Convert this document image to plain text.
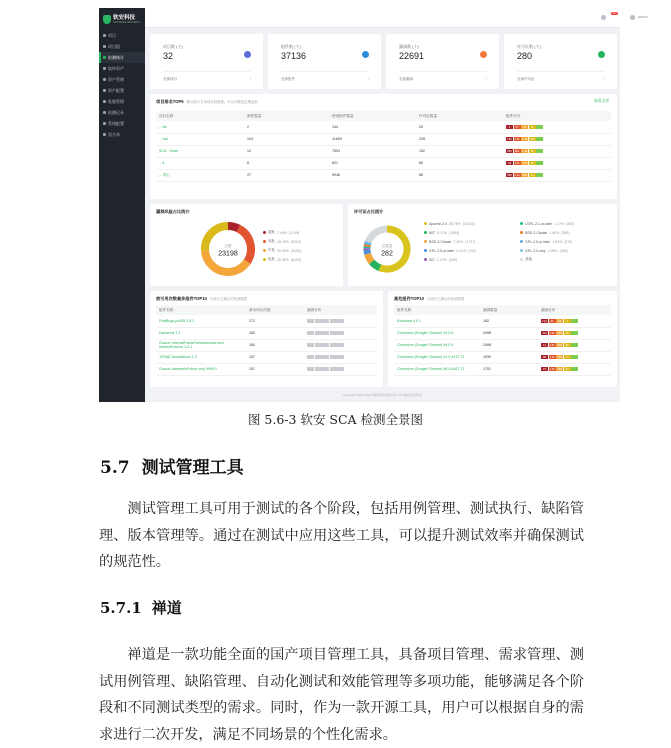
软安科技
SOFTSAFE SECURITY
项目
项目组
检测统计
软件资产
资产管理
资产配置
私服管理
检测记录
系统配置
黑名单
new
admin
项目数 (个)
32
全部项目	›
组件数 (个)
37136
全部组件	›
漏洞数 (个)
22691
全部漏洞	›
许可证数 (个)
280
全部许可证	›
项目排名TOP5 默认展示当前项目组数据，可自动筛选近期更新	查看全部
项目名称	源件数量	使用组件数量	许可证数量	组件评分
…ttd	2	144	25	4 27 33 12
…hat	104	11659	228	791 1.5k 1.6k 944
SCA…Scan	12	7504	152	281 881 1.1k 60
…lt	6	821	86	44 134 178 69
…青山	27	9946	86	550 1.1k 966 41
漏洞风险占比统计
总数
23198
超危 7.49% (1749)
高危 26.76% (6219)
中危 39.39% (9130)
低危 26.36% (6100)
许可证占比统计
总数量
282
Apache-2.0 55.78% (13423)
MIT 8.12% (1954)
BSD-3-Clause 7.22% (1737)
GPL-2.0-or-later 3.12% (751)
ISC 1.37% (330)
LGPL-2.1-or-later 1.17% (282)
BSD-2-Clause 1.60% (385)
GPL-2.0-or-later 1.54% (370)
GPL-2.0-only 1.08% (260)
其他
被引用次数最多组件TOP10 仅统计已确认的检测数据
组件名称	被本项目次数	漏洞分布
FindBugs-jsr305 3.0.2	172	
Hamcrest 1.3	160	
Guava: InternalFutureFailureAccess and InternalFutures 1.0.1	160	
J2ObjC Annotations 1.3	157	
Guava ListenableFuture only 9999.0	157	
高危组件TOP10 仅统计已确认的检测数据
组件名称	漏洞数量	漏洞分布
Ecshuma 4.0.1	182	124 31 28 7
Chromium (Google Chrome) 94.0.5	2498	112 1.3k 992 96
Chromium (Google Chrome) 94.0.4	2498	11 1.3k 992 96
Chromium (Google Chrome) 91.0.4472.79	1930	98 1.1k 686 77
Chromium (Google Chrome) 88.0.4467.72	1701	97 1.0k 550 62
Copyright 2020-2024 青藤网络 版权所有 ICP 备案 软安科技
图 5.6-3 软安 SCA 检测全景图
5.7 测试管理工具
测试管理工具可用于测试的各个阶段，包括用例管理、测试执行、缺陷管理、版本管理等。通过在测试中应用这些工具，可以提升测试效率并确保测试的规范性。
5.7.1 禅道
禅道是一款功能全面的国产项目管理工具，具备项目管理、需求管理、测试用例管理、缺陷管理、自动化测试和效能管理等多项功能，能够满足各个阶段和不同测试类型的需求。同时，作为一款开源工具，用户可以根据自身的需求进行二次开发，满足不同场景的个性化需求。
